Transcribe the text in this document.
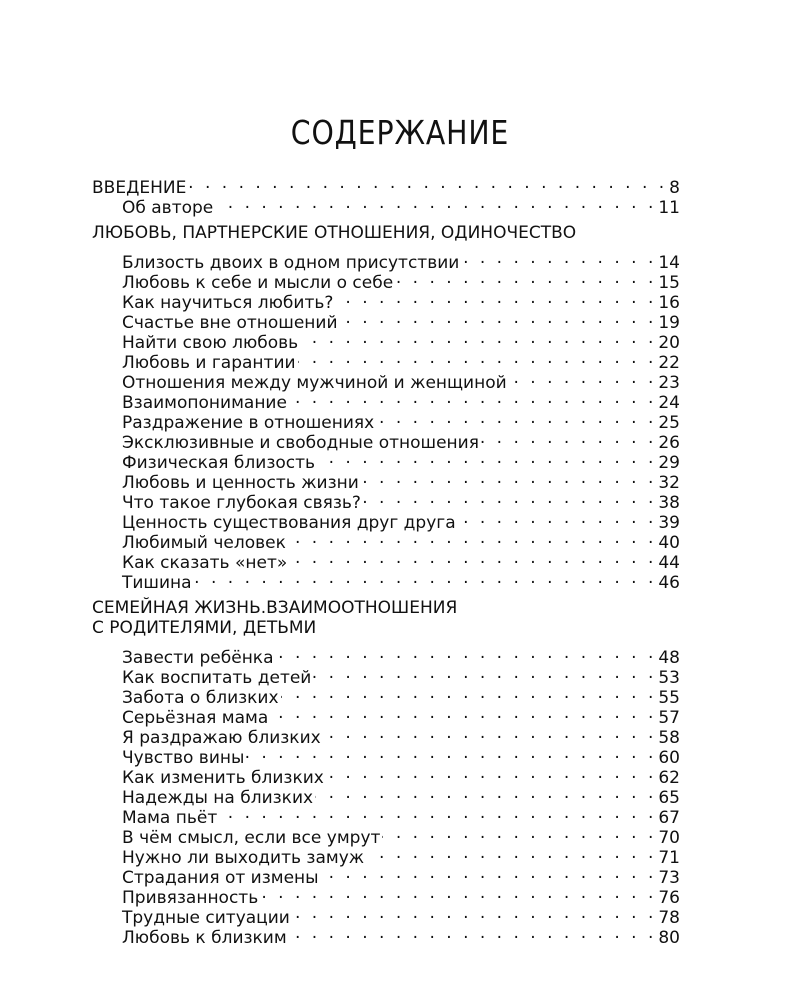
СОДЕРЖАНИЕ
ВВЕДЕНИЕ . . .	8
Об авторе . . .	11
ЛЮБОВЬ, ПАРТНЕРСКИЕ ОТНОШЕНИЯ, ОДИНОЧЕСТВО
Близость двоих в одном присутствии . . .	14
Любовь к себе и мысли о себе . . .	15
Как научиться любить? . . .	16
Счастье вне отношений . . .	19
Найти свою любовь . . .	20
Любовь и гарантии . . .	22
Отношения между мужчиной и женщиной . . .	23
Взаимопонимание . . .	24
Раздражение в отношениях . . .	25
Эксклюзивные и свободные отношения . . .	26
Физическая близость . . .	29
Любовь и ценность жизни . . .	32
Что такое глубокая связь? . . .	38
Ценность существования друг друга . . .	39
Любимый человек . . .	40
Как сказать «нет» . . .	44
Тишина . . .	46
СЕМЕЙНАЯ ЖИЗНЬ.ВЗАИМООТНОШЕНИЯ
С РОДИТЕЛЯМИ, ДЕТЬМИ
Завести ребёнка . . .	48
Как воспитать детей . . .	53
Забота о близких . . .	55
Серьёзная мама . . .	57
Я раздражаю близких . . .	58
Чувство вины . . .	60
Как изменить близких . . .	62
Надежды на близких . . .	65
Мама пьёт . . .	67
В чём смысл, если все умрут . . .	70
Нужно ли выходить замуж . . .	71
Страдания от измены . . .	73
Привязанность . . .	76
Трудные ситуации . . .	78
Любовь к близким . . .	80
